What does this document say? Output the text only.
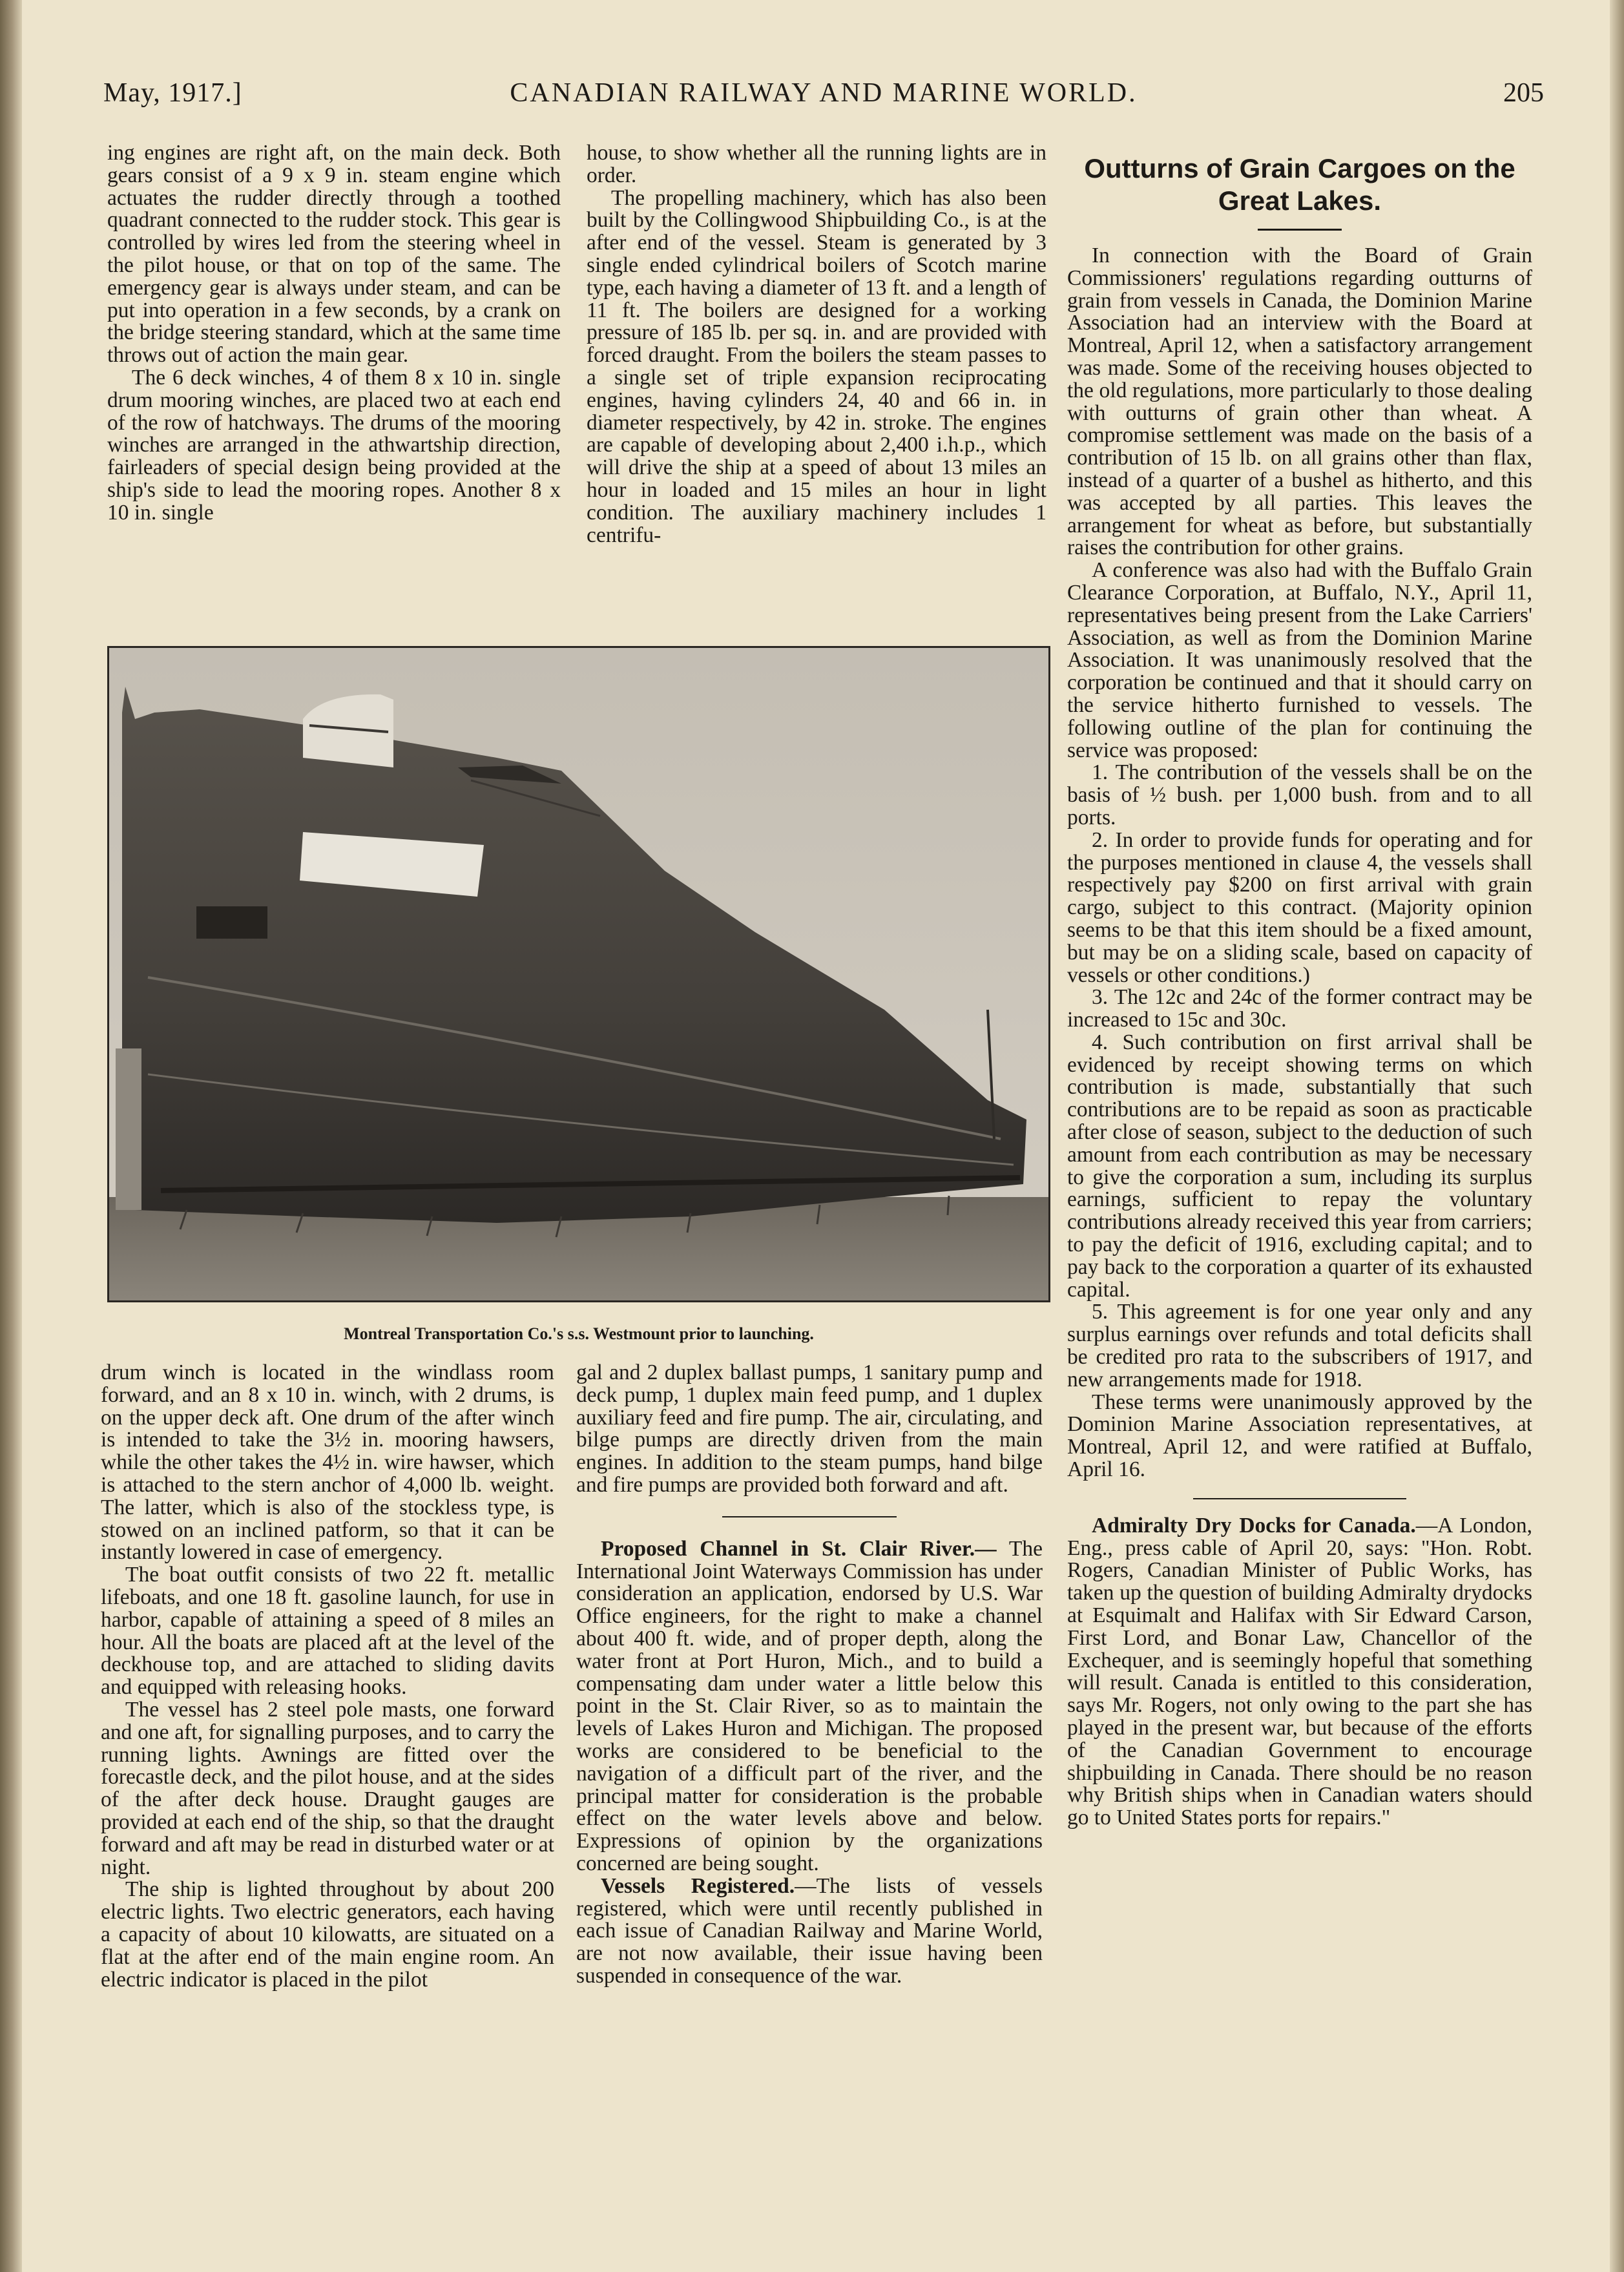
May, 1917.]	CANADIAN RAILWAY AND MARINE WORLD.	205

ing engines are right aft, on the main deck. Both gears consist of a 9 x 9 in. steam engine which actuates the rudder directly through a toothed quadrant connected to the rudder stock. This gear is controlled by wires led from the steering wheel in the pilot house, or that on top of the same. The emergency gear is always under steam, and can be put into operation in a few seconds, by a crank on the bridge steering standard, which at the same time throws out of action the main gear.

The 6 deck winches, 4 of them 8 x 10 in. single drum mooring winches, are placed two at each end of the row of hatchways. The drums of the mooring winches are arranged in the athwartship direction, fairleaders of special design being provided at the ship's side to lead the mooring ropes. Another 8 x 10 in. single

house, to show whether all the running lights are in order.

The propelling machinery, which has also been built by the Collingwood Shipbuilding Co., is at the after end of the vessel. Steam is generated by 3 single ended cylindrical boilers of Scotch marine type, each having a diameter of 13 ft. and a length of 11 ft. The boilers are designed for a working pressure of 185 lb. per sq. in. and are provided with forced draught. From the boilers the steam passes to a single set of triple expansion reciprocating engines, having cylinders 24, 40 and 66 in. in diameter respectively, by 42 in. stroke. The engines are capable of developing about 2,400 i.h.p., which will drive the ship at a speed of about 13 miles an hour in loaded and 15 miles an hour in light condition. The auxiliary machinery includes 1 centrifu-

Montreal Transportation Co.'s s.s. Westmount prior to launching.

drum winch is located in the windlass room forward, and an 8 x 10 in. winch, with 2 drums, is on the upper deck aft. One drum of the after winch is intended to take the 3½ in. mooring hawsers, while the other takes the 4½ in. wire hawser, which is attached to the stern anchor of 4,000 lb. weight. The latter, which is also of the stockless type, is stowed on an inclined patform, so that it can be instantly lowered in case of emergency.

The boat outfit consists of two 22 ft. metallic lifeboats, and one 18 ft. gasoline launch, for use in harbor, capable of attaining a speed of 8 miles an hour. All the boats are placed aft at the level of the deckhouse top, and are attached to sliding davits and equipped with releasing hooks.

The vessel has 2 steel pole masts, one forward and one aft, for signalling purposes, and to carry the running lights. Awnings are fitted over the forecastle deck, and the pilot house, and at the sides of the after deck house. Draught gauges are provided at each end of the ship, so that the draught forward and aft may be read in disturbed water or at night.

The ship is lighted throughout by about 200 electric lights. Two electric generators, each having a capacity of about 10 kilowatts, are situated on a flat at the after end of the main engine room. An electric indicator is placed in the pilot

gal and 2 duplex ballast pumps, 1 sanitary pump and deck pump, 1 duplex main feed pump, and 1 duplex auxiliary feed and fire pump. The air, circulating, and bilge pumps are directly driven from the main engines. In addition to the steam pumps, hand bilge and fire pumps are provided both forward and aft.

Proposed Channel in St. Clair River.— The International Joint Waterways Commission has under consideration an application, endorsed by U.S. War Office engineers, for the right to make a channel about 400 ft. wide, and of proper depth, along the water front at Port Huron, Mich., and to build a compensating dam under water a little below this point in the St. Clair River, so as to maintain the levels of Lakes Huron and Michigan. The proposed works are considered to be beneficial to the navigation of a difficult part of the river, and the principal matter for consideration is the probable effect on the water levels above and below. Expressions of opinion by the organizations concerned are being sought.

Vessels Registered.—The lists of vessels registered, which were until recently published in each issue of Canadian Railway and Marine World, are not now available, their issue having been suspended in consequence of the war.

Outturns of Grain Cargoes on the Great Lakes.

In connection with the Board of Grain Commissioners' regulations regarding outturns of grain from vessels in Canada, the Dominion Marine Association had an interview with the Board at Montreal, April 12, when a satisfactory arrangement was made. Some of the receiving houses objected to the old regulations, more particularly to those dealing with outturns of grain other than wheat. A compromise settlement was made on the basis of a contribution of 15 lb. on all grains other than flax, instead of a quarter of a bushel as hitherto, and this was accepted by all parties. This leaves the arrangement for wheat as before, but substantially raises the contribution for other grains.

A conference was also had with the Buffalo Grain Clearance Corporation, at Buffalo, N.Y., April 11, representatives being present from the Lake Carriers' Association, as well as from the Dominion Marine Association. It was unanimously resolved that the corporation be continued and that it should carry on the service hitherto furnished to vessels. The following outline of the plan for continuing the service was proposed:

1. The contribution of the vessels shall be on the basis of ½ bush. per 1,000 bush. from and to all ports.

2. In order to provide funds for operating and for the purposes mentioned in clause 4, the vessels shall respectively pay $200 on first arrival with grain cargo, subject to this contract. (Majority opinion seems to be that this item should be a fixed amount, but may be on a sliding scale, based on capacity of vessels or other conditions.)

3. The 12c and 24c of the former contract may be increased to 15c and 30c.

4. Such contribution on first arrival shall be evidenced by receipt showing terms on which contribution is made, substantially that such contributions are to be repaid as soon as practicable after close of season, subject to the deduction of such amount from each contribution as may be necessary to give the corporation a sum, including its surplus earnings, sufficient to repay the voluntary contributions already received this year from carriers; to pay the deficit of 1916, excluding capital; and to pay back to the corporation a quarter of its exhausted capital.

5. This agreement is for one year only and any surplus earnings over refunds and total deficits shall be credited pro rata to the subscribers of 1917, and new arrangements made for 1918.

These terms were unanimously approved by the Dominion Marine Association representatives, at Montreal, April 12, and were ratified at Buffalo, April 16.

Admiralty Dry Docks for Canada.—A London, Eng., press cable of April 20, says: "Hon. Robt. Rogers, Canadian Minister of Public Works, has taken up the question of building Admiralty drydocks at Esquimalt and Halifax with Sir Edward Carson, First Lord, and Bonar Law, Chancellor of the Exchequer, and is seemingly hopeful that something will result. Canada is entitled to this consideration, says Mr. Rogers, not only owing to the part she has played in the present war, but because of the efforts of the Canadian Government to encourage shipbuilding in Canada. There should be no reason why British ships when in Canadian waters should go to United States ports for repairs."
